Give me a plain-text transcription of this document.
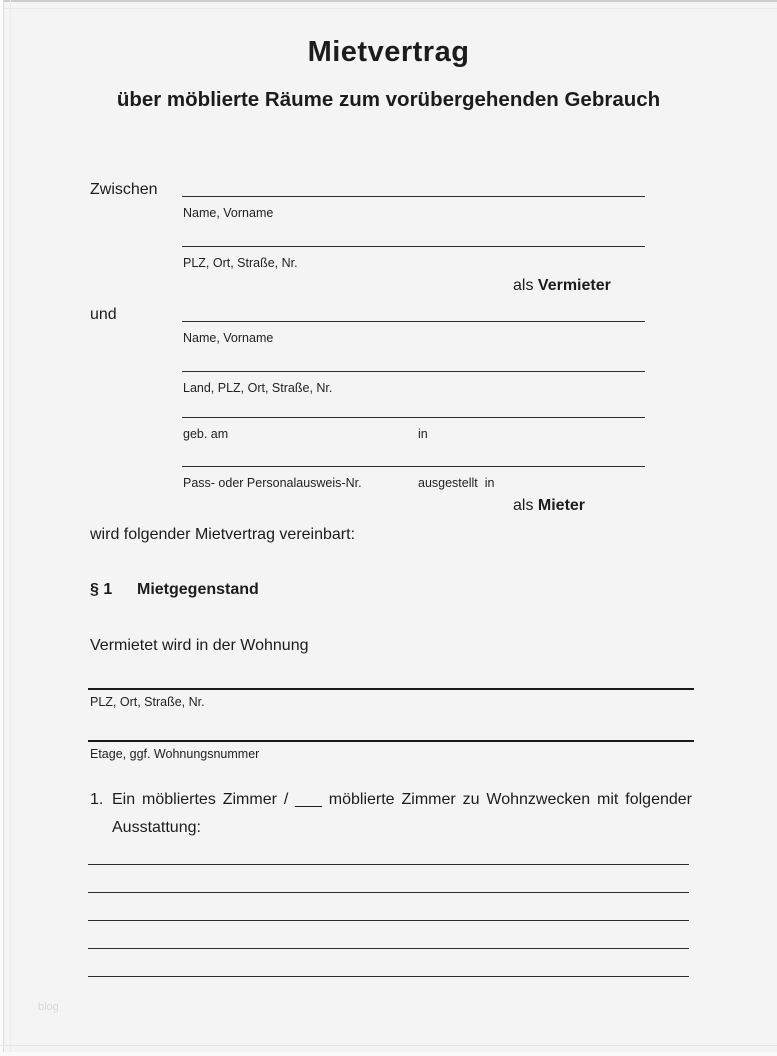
Mietvertrag
über möblierte Räume zum vorübergehenden Gebrauch
Zwischen
Name, Vorname
PLZ, Ort, Straße, Nr.
als Vermieter
und
Name, Vorname
Land, PLZ, Ort, Straße, Nr.
geb. am	in
Pass- oder Personalausweis-Nr.	ausgestellt  in
als Mieter
wird folgender Mietvertrag vereinbart:
§ 1 Mietgegenstand
Vermietet wird in der Wohnung
PLZ, Ort, Straße, Nr.
Etage, ggf. Wohnungsnummer
1. Ein möbliertes Zimmer / ___ möblierte Zimmer zu Wohnzwecken mit folgender
Ausstattung:
blog
